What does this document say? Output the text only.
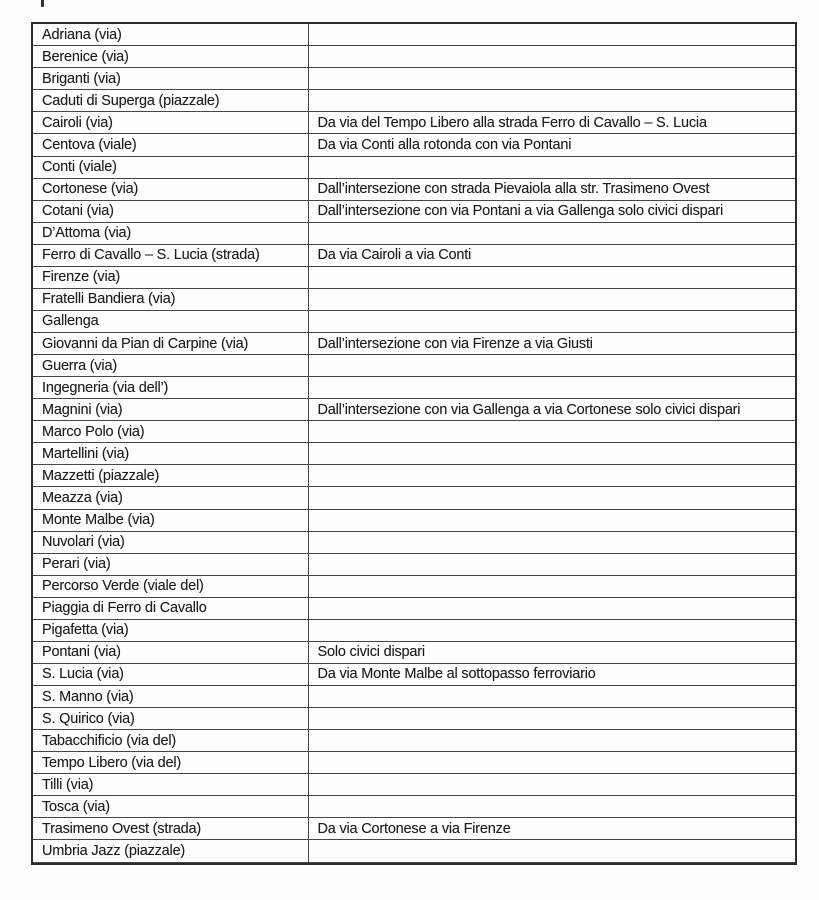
Adriana (via)	
Berenice (via)	
Briganti (via)	
Caduti di Superga (piazzale)	
Cairoli (via)	Da via del Tempo Libero alla strada Ferro di Cavallo – S. Lucia
Centova (viale)	Da via Conti alla rotonda con via Pontani
Conti (viale)	
Cortonese (via)	Dall’intersezione con strada Pievaiola alla str. Trasimeno Ovest
Cotani (via)	Dall’intersezione con via Pontani a via Gallenga solo civici dispari
D’Attoma (via)	
Ferro di Cavallo – S. Lucia (strada)	Da via Cairoli a via Conti
Firenze (via)	
Fratelli Bandiera (via)	
Gallenga	
Giovanni da Pian di Carpine (via)	Dall’intersezione con via Firenze a via Giusti
Guerra (via)	
Ingegneria (via dell’)	
Magnini (via)	Dall’intersezione con via Gallenga a via Cortonese solo civici dispari
Marco Polo (via)	
Martellini (via)	
Mazzetti (piazzale)	
Meazza (via)	
Monte Malbe (via)	
Nuvolari (via)	
Perari (via)	
Percorso Verde (viale del)	
Piaggia di Ferro di Cavallo	
Pigafetta (via)	
Pontani (via)	Solo civici dispari
S. Lucia (via)	Da via Monte Malbe al sottopasso ferroviario
S. Manno (via)	
S. Quirico (via)	
Tabacchificio (via del)	
Tempo Libero (via del)	
Tilli (via)	
Tosca (via)	
Trasimeno Ovest (strada)	Da via Cortonese a via Firenze
Umbria Jazz (piazzale)	
